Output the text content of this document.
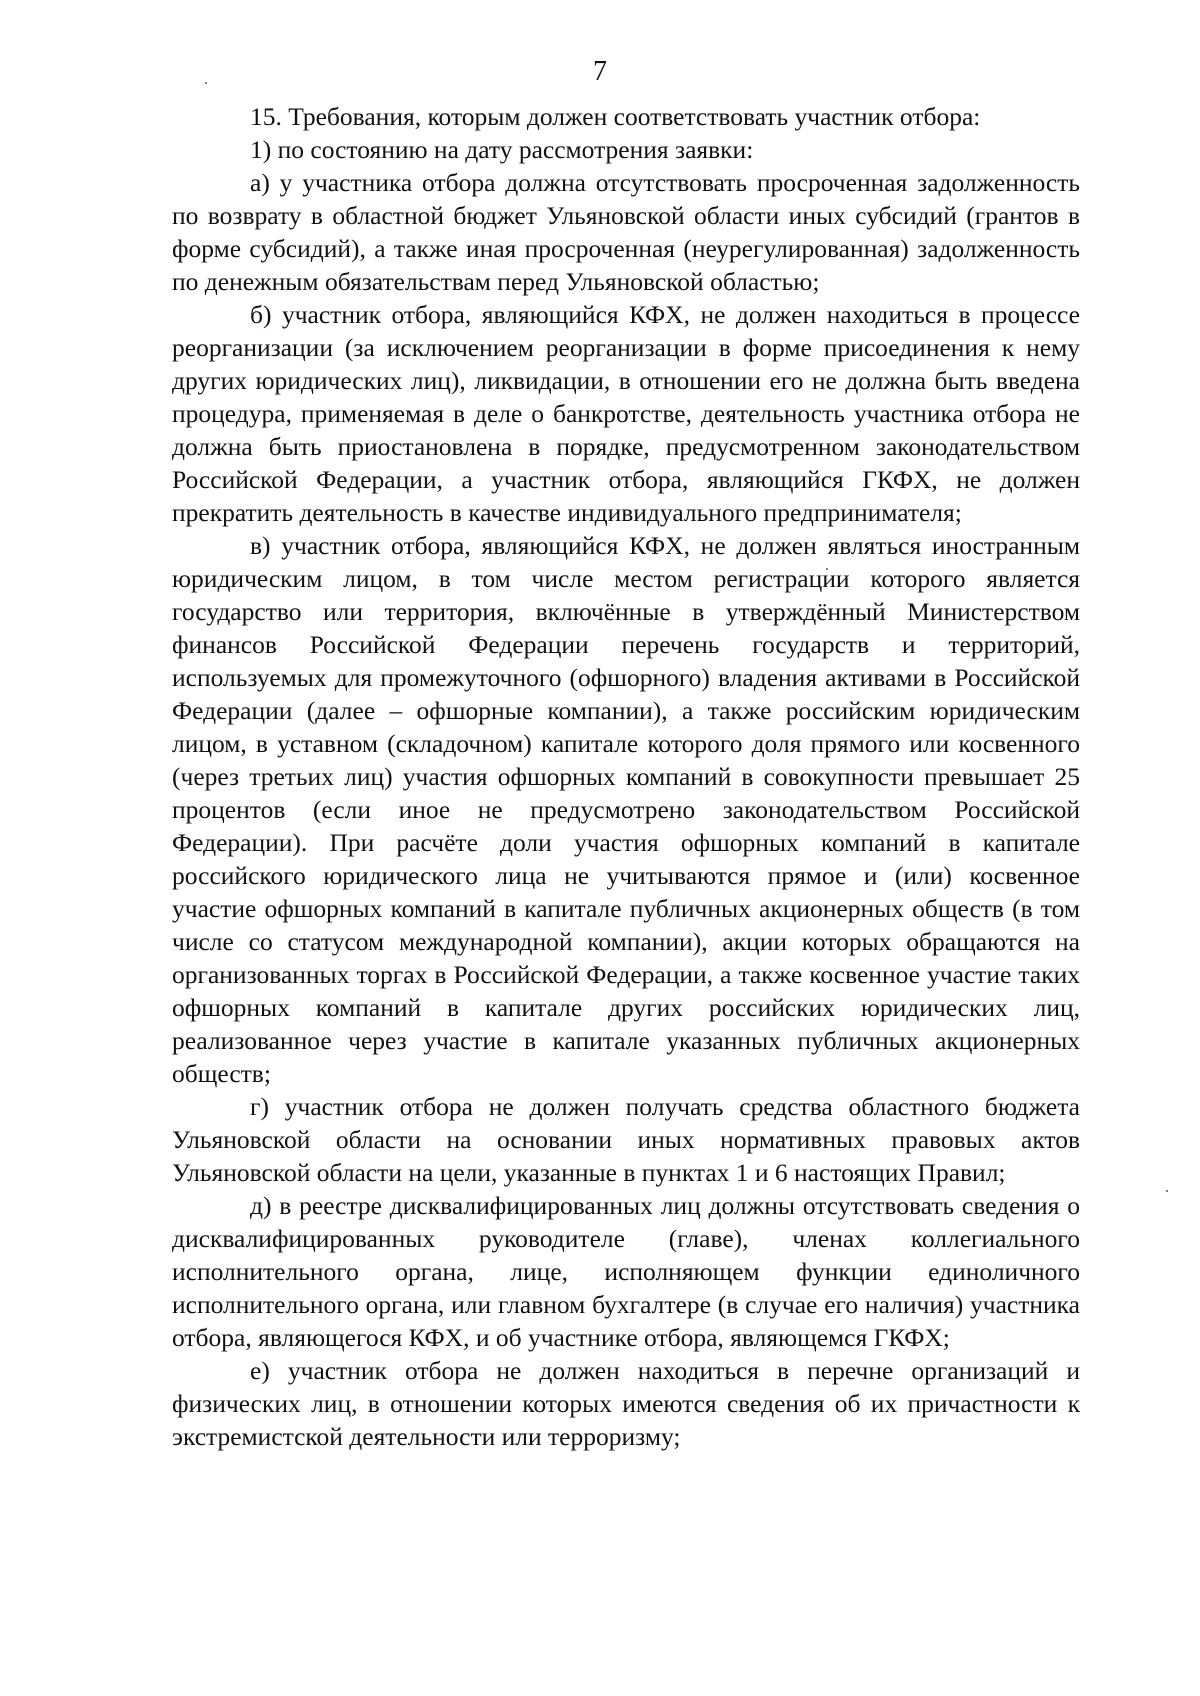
7

15. Требования, которым должен соответствовать участник отбора:

1) по состоянию на дату рассмотрения заявки:

а) у участника отбора должна отсутствовать просроченная задолженность по возврату в областной бюджет Ульяновской области иных субсидий (грантов в форме субсидий), а также иная просроченная (неурегулированная) задолженность по денежным обязательствам перед Ульяновской областью;

б) участник отбора, являющийся КФХ, не должен находиться в процессе реорганизации (за исключением реорганизации в форме присоединения к нему других юридических лиц), ликвидации, в отношении его не должна быть введена процедура, применяемая в деле о банкротстве, деятельность участника отбора не должна быть приостановлена в порядке, предусмотренном законодательством Российской Федерации, а участник отбора, являющийся ГКФХ, не должен прекратить деятельность в качестве индивидуального предпринимателя;

в) участник отбора, являющийся КФХ, не должен являться иностранным юридическим лицом, в том числе местом регистрации которого является государство или территория, включённые в утверждённый Министерством финансов Российской Федерации перечень государств и территорий, используемых для промежуточного (офшорного) владения активами в Российской Федерации (далее – офшорные компании), а также российским юридическим лицом, в уставном (складочном) капитале которого доля прямого или косвенного (через третьих лиц) участия офшорных компаний в совокупности превышает 25 процентов (если иное не предусмотрено законодательством Российской Федерации). При расчёте доли участия офшорных компаний в капитале российского юридического лица не учитываются прямое и (или) косвенное участие офшорных компаний в капитале публичных акционерных обществ (в том числе со статусом международной компании), акции которых обращаются на организованных торгах в Российской Федерации, а также косвенное участие таких офшорных компаний в капитале других российских юридических лиц, реализованное через участие в капитале указанных публичных акционерных обществ;

г) участник отбора не должен получать средства областного бюджета Ульяновской области на основании иных нормативных правовых актов Ульяновской области на цели, указанные в пунктах 1 и 6 настоящих Правил;

д) в реестре дисквалифицированных лиц должны отсутствовать сведения о дисквалифицированных руководителе (главе), членах коллегиального исполнительного органа, лице, исполняющем функции единоличного исполнительного органа, или главном бухгалтере (в случае его наличия) участника отбора, являющегося КФХ, и об участнике отбора, являющемся ГКФХ;

е) участник отбора не должен находиться в перечне организаций и физических лиц, в отношении которых имеются сведения об их причастности к экстремистской деятельности или терроризму;
